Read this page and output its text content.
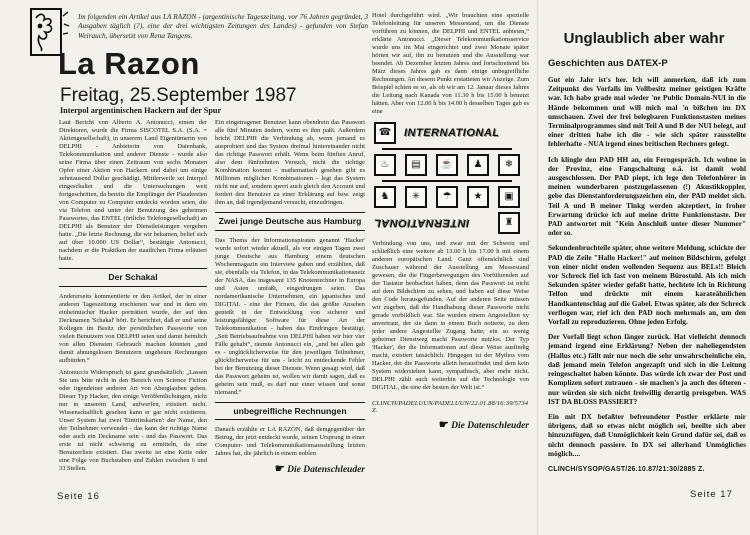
Im folgenden ein Artikel aus LA RAZON - (argentinische Tageszeitung, vor 76 Jahren gegründet, 3 Ausgaben täglich (?), eine der drei wichtigsten Zeitungen des Landes) - gefunden von Stefan Weirauch, übersetzt von Rena Tangens.
La Razon
Freitag, 25.September 1987
Interpol argentinischen Hackern auf der Spur

Laut Bericht von Alberto A. Antonucci, einem der Direktoren, wurde die Firma SISCOTEL S.A. (S.A. = Aktiengesellschaft), in unserem Land Eigentümerin von DELPHI - Anbieterin von Datenbank, Telekommunikation und anderer Dienste - wurde also seine Firma über einen Zeitraum von sechs Monaten Opfer einer Aktion von Hackern und dabei um einige zehntausend Dollar geschädigt. Mittlerweile sei Interpol eingeschaltet und die Untersuchungen weit fortgeschritten, da bereits die Empfänger der Plaudereien von Computer zu Computer entdeckt worden seien, die via Telefon und unter der Benutzung des geheimen Passwortes, das ENTEL (örtliche Telefongesellschaft) an DELPHI als Benutzer der Dienstleistungen vergeben hatte. „Die letzte Rechnung, die wir bekamen, belief sich auf über 10.000 US Dollar“, bestätigte Antonucci, nachdem er die Praktiken der staatlichen Firma erläutert hatte.

Der Schakal

Andererseits kommentierte er den Artikel, der in einer anderen Tageszeitung erschienen war und in dem ein einheimischer Hacker porträtiert wurde, der auf den Decknamen 'Schakal' hört. Er berichtet, daß er und seine Kollegen im Besitz der persönlichen Passworte von vielen Benutzern von DELPHI seien und damit heimlich von allen Diensten Gebrauch machen könnten „und damit ahnungslosen Benutzern ungeheure Rechnungen aufbürden.“

Antonuccis Widerspruch ist ganz grundsätzlich: „Lassen Sie uns bitte nicht in den Bereich von Science Fiction oder irgendeiner anderen Art von Aberglauben gehen. Dieser Typ Hacker, den einige Veröffentlichungen, nicht nur in unserem Land, aufwerfen, existiert nicht. Wissenschaftlich gesehen kann er gar nicht existieren. Unser System hat zwei 'Eintrittskarten': der Name, den der Teilnehmer verwendet - das kann der richtige Name oder auch ein Deckname sein - und das Passwort. Das erste ist nicht schwierig zu ermitteln, da eine Benutzerliste existiert. Das zweite ist eine Kette oder eine Folge von Buchstaben und Zahlen zwischen 6 und 33 Stellen.

Ein eingetragener Benutzer kann obendrein das Passwort alle fünf Minuten ändern, wenn es ihm paßt. Außerdem bricht DELPHI die Verbindung ab, wenn jemand es ausprobiert und das System dreimal hintereinander nicht das richtige Passwort erhält. Wenn beim fünften Anruf, also dem fünfzehnten Versuch, nicht die richtige Kombination kommt - mathematisch gesehen gibt es Millionen möglicher Kombinationen - legt das System nicht nur auf, sondern sperrt auch gleich den Account und fordert den Benutzer zu einer Erklärung auf bzw. zeigt ihm an, daß irgendjemand versucht, einzudringen.

Zwei junge Deutsche aus Hamburg

Das Thema der Informationspiraten genannt 'Hacker' wurde sofort wieder aktuell, als vor einigen Tagen zwei junge Deutsche aus Hamburg einem deutschen Wochenmagazin ein Interview gaben und erzählten, daß sie, ebenfalls via Telefon, in das Telekommunikationsnetz der NASA, das insgesamt 135 Knotenrechner in Europa und Asien umfaßt, eingedrungen seien. Das nordamerikanische Unternehmen, ein japanisches und DIGITAL - eine der Firmen, die das größte Ansehen genießt in der Entwicklung von sicherer und leistungsfähiger Software für diese Art der Telekommunikation - haben das Eindringen bestätigt. „Seit Betriebsaufnahme von DELPHI haben wir hier vier Fälle gehabt“, räumte Antonucci ein, „und bei allen gab es - unglücklicherweise für den jeweiligen Teilnehmer, glücklicherweise für uns - leicht zu entdeckende Fehler bei der Benutzung dieser Dienste. Wenn gesagt wird, daß das Passwort geheim ist, wollen wir damit sagen, daß es geheim sein muß, es darf nur einer wissen und sonst niemand.“

unbegreifliche Rechnungen

Danach erzählte er LA RAZON, daß demgegenüber der Betrug, der jetzt entdeckt wurde, seinen Ursprung in einer Computer- und Telekommunikationsausstellung letzten Jahres hat, die jährlich in einem noblen

☛ Die Datenschleuder

Hotel durchgeführt wird. „Wir brauchten eine spezielle Telefonleitung für unseren Messestand, um die Dienste vorführen zu können, die DELPHI und ENTEL anbieten,“ erklärte Antonucci. „Dieser Telekommunikationsservice wurde uns im Mai eingerichtet und zwei Monate später hörten wir auf, ihn zu benutzen und die Ausstellung war beendet. Ab Dezember letzten Jahres und fortschreitend bis März dieses Jahres gab es dann einige unbegreifliche Rechnungen. An diesem Punkt erstatteten wir Anzeige. Zum Beispiel schien es so, als ob wir am 12. Januar dieses Jahres die Leitung nach Kanada von 11.30 h bis 15.00 h benutzt hätten. Aber von 12.00 h bis 14.00 h desselben Tages gab es eine

☎	INTERNATIONAL
♨	▤	☕	♟	❄
♞	✳	☂	★	▣
INTERNATIONAL	♜

Verbindung von uns, und zwar mit der Schweiz und schließlich eine weitere ab 13.00 h bis 17.00 h mit einem anderen europäischen Land. Ganz offensichtlich sind Zuschauer während der Ausstellung am Messestand gewesen, die die Fingerbewegungen des Vorführenden auf der Tastatur beobachtet haben, denn das Passwort ist nicht auf dem Bildschirm zu sehen, und haben auf diese Weise den Code herausgefunden. Auf der anderen Seite müssen wir zugeben, daß die Handhabung dieser Passworte nicht gerade vorbildlich war. Sie wurden einem Angestellten xy anvertraut, der sie dann in einem Buch notierte, zu dem jeder andere Angestellte Zugang hatte; ein so wenig geheimer Dienstweg macht Passworte nutzlos. Der Typ 'Hacker', der die Informationen auf diese Weise ausfindig macht, existiert tatsächlich. Hingegen ist der Mythos vom Hacker, der die Passworte allein herausfindet und dem kein System widerstehen kann, sympathisch, aber mehr nicht. DELPHI zählt auch weiterhin auf die Technologie von DIGITAL, die eine der besten der Welt ist.“

CLINCH/PADELUUN/PADELUUN/22.01.88/16:39/5734 Z.
☛ Die Datenschleuder
Seite 16
Unglaublich aber wahr
Geschichten aus DATEX-P

Gut ein Jahr ist's her. Ich will anmerken, daß ich zum Zeitpunkt des Vorfalls im Vollbesitz meiner geistigen Kräfte war. Ich habe grade mal wieder 'ne Public Domain-NUI in die Hände bekommen und will mich mal 'n bißchen im DX umschauen. Zwei der frei belegbaren Funktionstasten meines Terminalprogrammes sind mit Teil A und B der NUI belegt, auf einer dritten habe ich die - wie sich später rausstellte fehlerhafte - NUA irgend eines britischen Rechners gelegt.

Ich klingle den PAD HH an, ein Ferngespräch. Ich wohne in der Provinz, eine Fangschaltung o.ä. ist damit wohl ausgeschlossen. Der PAD piept, ich lege den Telefonhörer in meinen wunderbaren postzugelassenen (!) Akustikkoppler, gebe das Dienstanforderungszeichen ein, der PAD meldet sich. Teil A und B meiner Tlnkg werden akzeptiert, in froher Erwartung drücke ich auf meine dritte Funktionstaste. Der PAD antwortet mit "Kein Anschluß unter dieser Nummer" oder so.

Sekundenbruchteile später, ohne weitere Meldung, schickte der PAD die Zeile "Hallo Hacker!" auf meinen Bildschirm, gefolgt von einer nicht enden wollenden Sequenz aus BELs!! Bleich vor Schreck fiel ich fast von meinem Bürostuhl. Als ich mich Sekunden später wieder gefaßt hatte, hechtete ich in Richtung Telfon und drückte mit einem karateähnlichen Handkantenschlag auf die Gabel. Etwas später, als der Schreck verflogen war, rief ich den PAD noch mehrmals an, um den Vorfall zu reproduzieren. Ohne jeden Erfolg.

Der Vorfall liegt schon länger zurück. Hat vielleicht dennoch jemand irgend eine Erklärung? Neben der naheliegendsten (Hallus etc.) fällt mir nur noch die sehr unwahrscheinliche ein, daß jemand mein Telefon angezapft und sich in die Leitung reingeschaltet haben könnte. Das würde ich zwar der Post und Komplizen sofort zutrauen - sie machen's ja auch des öfteren - nur würden sie sich nicht freiwillig derartig preisgeben. WAS IST DA BLOSS PASSIERT?

Ein mit DX befaßter befreundeter Postler erklärte mir übrigens, daß so etwas nicht möglich sei, beeilte sich aber hinzuzufügen, daß Unmöglichkeit kein Grund dafür sei, daß es nicht dennoch passiere. In DX sei allerhand Unmögliches möglich....

CLINCH/SYSOP/GAST/26.10.87/21:30/2885 Z.
Seite 17
